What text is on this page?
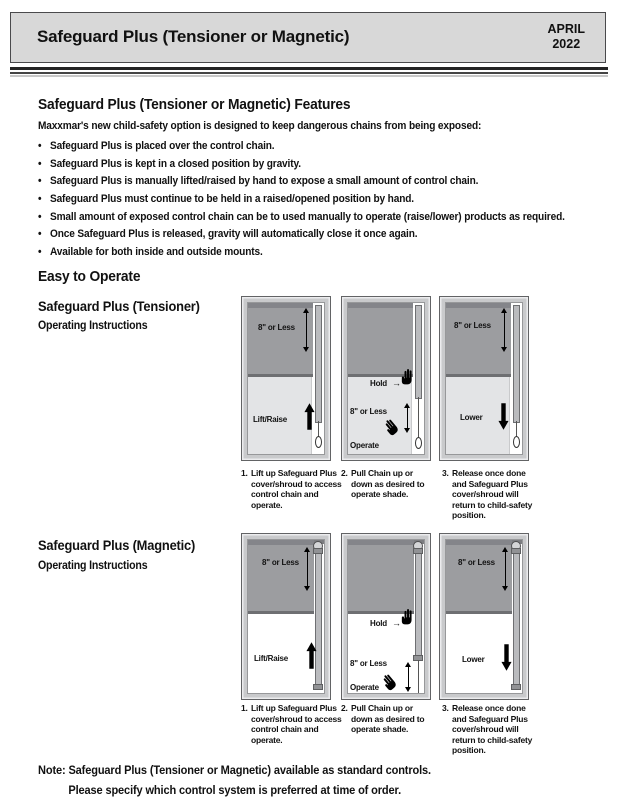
Safeguard Plus (Tensioner or Magnetic)	APRIL
2022
Safeguard Plus (Tensioner or Magnetic) Features

Maxxmar's new child-safety option is designed to keep dangerous chains from being exposed:

• Safeguard Plus is placed over the control chain.
• Safeguard Plus is kept in a closed position by gravity.
• Safeguard Plus is manually lifted/raised by hand to expose a small amount of control chain.
• Safeguard Plus must continue to be held in a raised/opened position by hand.
• Small amount of exposed control chain can be to used manually to operate (raise/lower) products as required.
• Once Safeguard Plus is released, gravity will automatically close it once again.
• Available for both inside and outside mounts.
Easy to Operate
Safeguard Plus (Tensioner)
Operating Instructions	8" or Less
Lift/Raise
Hold →
8" or Less
Operate
8" or Less
Lower
1. Lift up Safeguard Plus cover/shroud to access control chain and operate.
2. Pull Chain up or down as desired to operate shade.
3. Release once done and Safeguard Plus cover/shroud will return to child-safety position.
Safeguard Plus (Magnetic)
Operating Instructions	8" or Less
Lift/Raise
Hold →
8" or Less
Operate
8" or Less
Lower
1. Lift up Safeguard Plus cover/shroud to access control chain and operate.
2. Pull Chain up or down as desired to operate shade.
3. Release once done and Safeguard Plus cover/shroud will return to child-safety position.
Note: Safeguard Plus (Tensioner or Magnetic) available as standard controls.
Please specify which control system is preferred at time of order.
